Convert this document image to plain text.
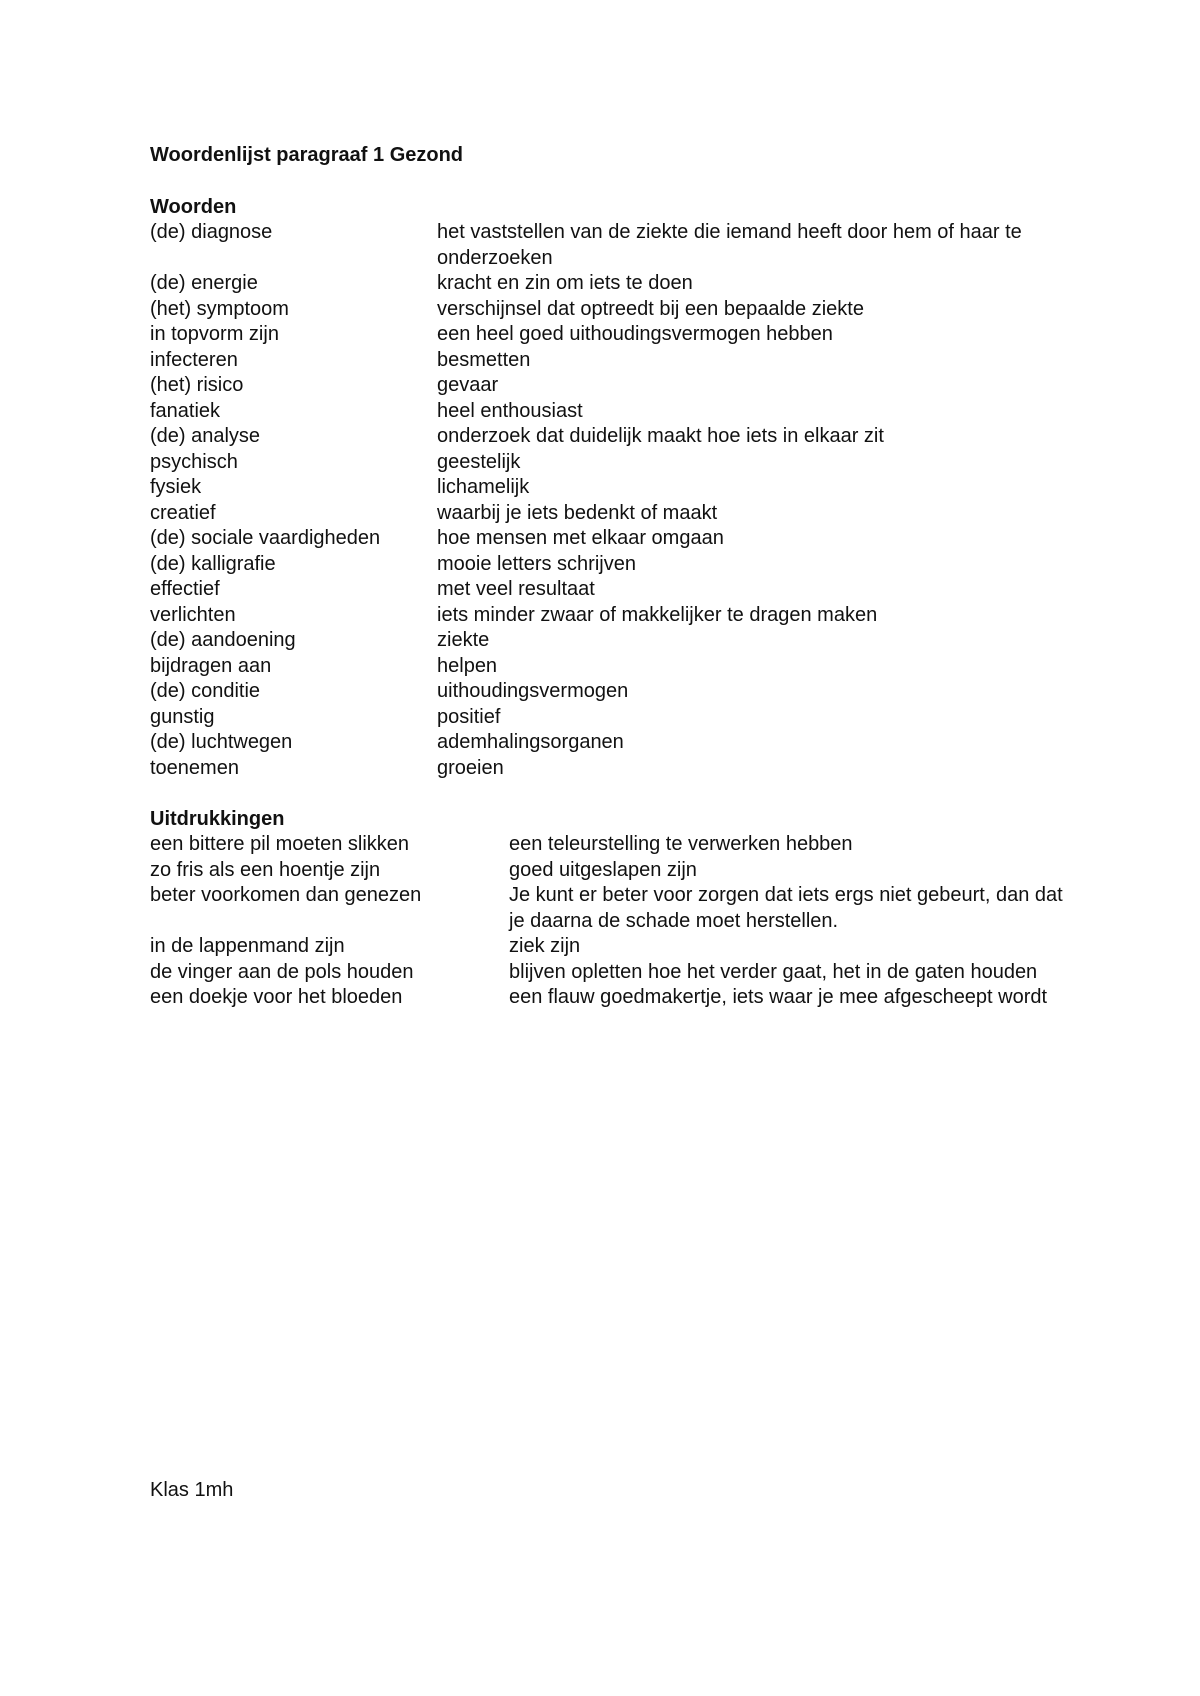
Woordenlijst paragraaf 1 Gezond
Woorden
(de) diagnose	het vaststellen van de ziekte die iemand heeft door hem of haar te onderzoeken
(de) energie	kracht en zin om iets te doen
(het) symptoom	verschijnsel dat optreedt bij een bepaalde ziekte
in topvorm zijn	een heel goed uithoudingsvermogen hebben
infecteren	besmetten
(het) risico	gevaar
fanatiek	heel enthousiast
(de) analyse	onderzoek dat duidelijk maakt hoe iets in elkaar zit
psychisch	geestelijk
fysiek	lichamelijk
creatief	waarbij je iets bedenkt of maakt
(de) sociale vaardigheden	hoe mensen met elkaar omgaan
(de) kalligrafie	mooie letters schrijven
effectief	met veel resultaat
verlichten	iets minder zwaar of makkelijker te dragen maken
(de) aandoening	ziekte
bijdragen aan	helpen
(de) conditie	uithoudingsvermogen
gunstig	positief
(de) luchtwegen	ademhalingsorganen
toenemen	groeien
Uitdrukkingen
een bittere pil moeten slikken	een teleurstelling te verwerken hebben
zo fris als een hoentje zijn	goed uitgeslapen zijn
beter voorkomen dan genezen	Je kunt er beter voor zorgen dat iets ergs niet gebeurt, dan dat je daarna de schade moet herstellen.
in de lappenmand zijn	ziek zijn
de vinger aan de pols houden	blijven opletten hoe het verder gaat, het in de gaten houden
een doekje voor het bloeden	een flauw goedmakertje, iets waar je mee afgescheept wordt
Klas 1mh
